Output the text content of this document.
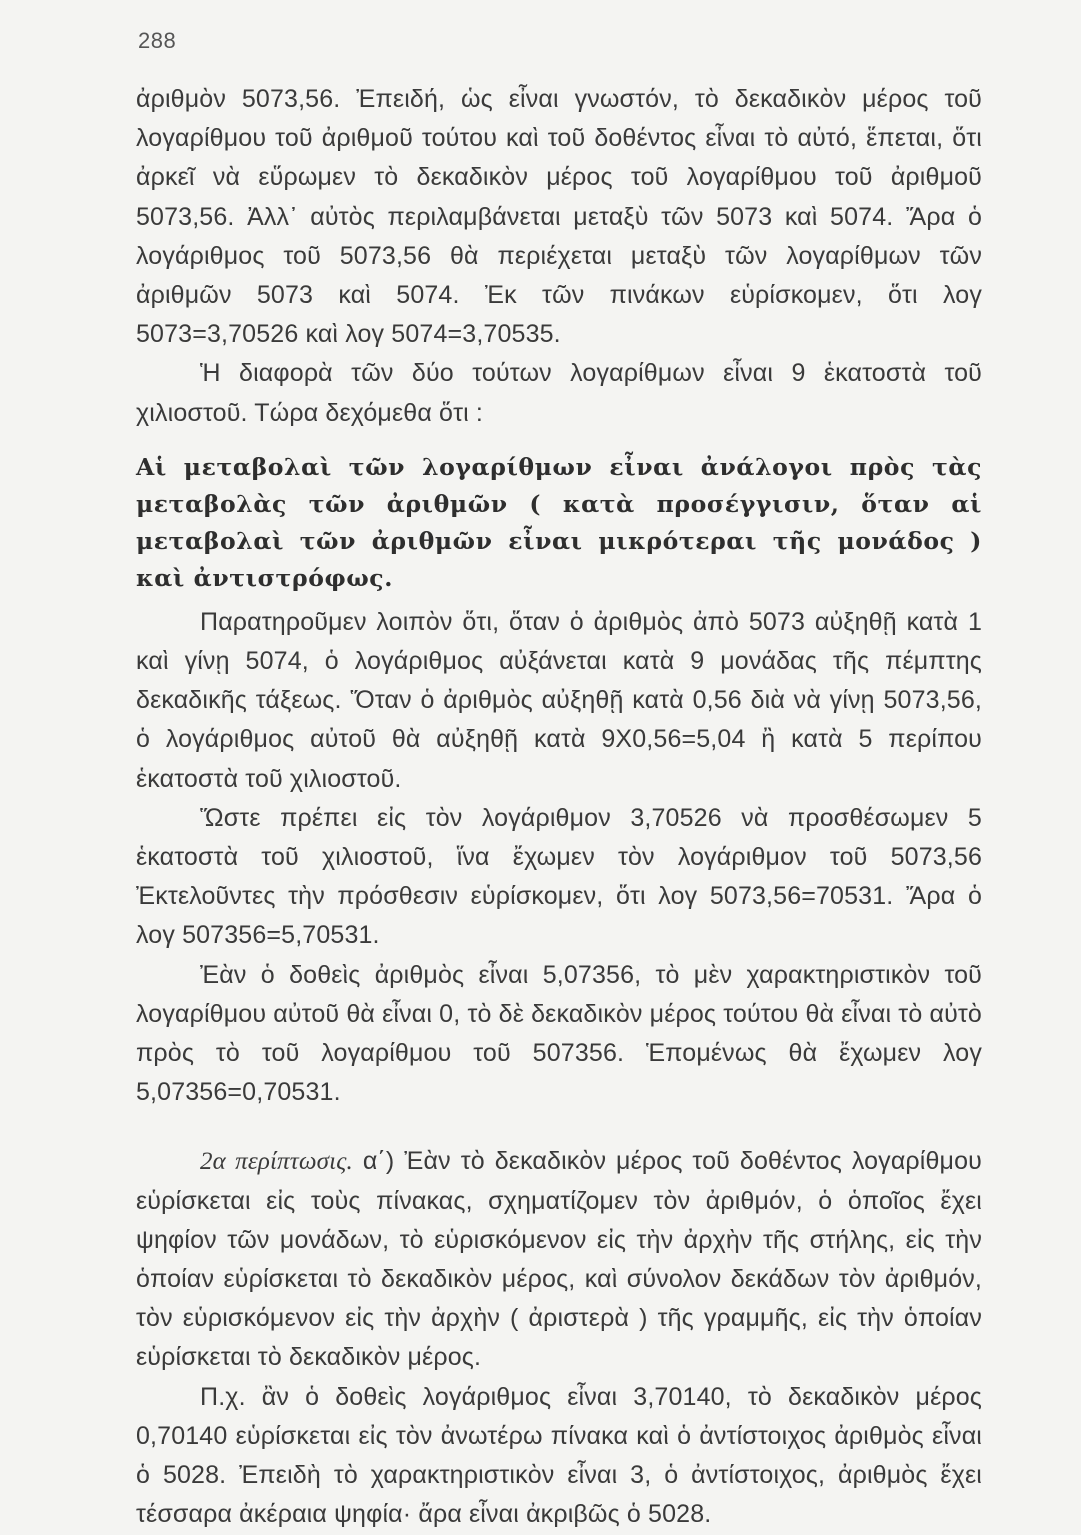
288

ἀριθμὸν 5073,56. Ἐπειδή, ὡς εἶναι γνωστόν, τὸ δεκαδικὸν μέρος τοῦ λογαρίθμου τοῦ ἀριθμοῦ τούτου καὶ τοῦ δοθέντος εἶναι τὸ αὐτό, ἕπεται, ὅτι ἀρκεῖ νὰ εὕρωμεν τὸ δεκαδικὸν μέρος τοῦ λογαρίθμου τοῦ ἀριθμοῦ 5073,56. Ἀλλ᾽ αὐτὸς περιλαμβάνεται μεταξὺ τῶν 5073 καὶ 5074. Ἄρα ὁ λογάριθμος τοῦ 5073,56 θὰ περιέχεται μεταξὺ τῶν λογαρίθμων τῶν ἀριθμῶν 5073 καὶ 5074. Ἐκ τῶν πινάκων εὑρίσκομεν, ὅτι λογ 5073=3,70526 καὶ λογ 5074=3,70535.

Ἡ διαφορὰ τῶν δύο τούτων λογαρίθμων εἶναι 9 ἑκατοστὰ τοῦ χιλιοστοῦ. Τώρα δεχόμεθα ὅτι :

Αἱ μεταβολαὶ τῶν λογαρίθμων εἶναι ἀνάλογοι πρὸς τὰς μεταβολὰς τῶν ἀριθμῶν ( κατὰ προσέγγισιν, ὅταν αἱ μεταβολαὶ τῶν ἀριθμῶν εἶναι μικρότεραι τῆς μονάδος ) καὶ ἀντιστρόφως.

Παρατηροῦμεν λοιπὸν ὅτι, ὅταν ὁ ἀριθμὸς ἀπὸ 5073 αὐξηθῇ κατὰ 1 καὶ γίνῃ 5074, ὁ λογάριθμος αὐξάνεται κατὰ 9 μονάδας τῆς πέμπτης δεκαδικῆς τάξεως. Ὅταν ὁ ἀριθμὸς αὐξηθῇ κατὰ 0,56 διὰ νὰ γίνῃ 5073,56, ὁ λογάριθμος αὐτοῦ θὰ αὐξηθῇ κατὰ 9Χ0,56=5,04 ἢ κατὰ 5 περίπου ἑκατοστὰ τοῦ χιλιοστοῦ.

Ὥστε πρέπει εἰς τὸν λογάριθμον 3,70526 νὰ προσθέσωμεν 5 ἑκατοστὰ τοῦ χιλιοστοῦ, ἵνα ἔχωμεν τὸν λογάριθμον τοῦ 5073,56 Ἐκτελοῦντες τὴν πρόσθεσιν εὑρίσκομεν, ὅτι λογ 5073,56=70531. Ἄρα ὁ λογ 507356=5,70531.

Ἐὰν ὁ δοθεὶς ἀριθμὸς εἶναι 5,07356, τὸ μὲν χαρακτηριστικὸν τοῦ λογαρίθμου αὐτοῦ θὰ εἶναι 0, τὸ δὲ δεκαδικὸν μέρος τούτου θὰ εἶναι τὸ αὐτὸ πρὸς τὸ τοῦ λογαρίθμου τοῦ 507356. Ἑπομένως θὰ ἔχωμεν λογ 5,07356=0,70531.

2α περίπτωσις. α΄) Ἐὰν τὸ δεκαδικὸν μέρος τοῦ δοθέντος λογαρίθμου εὑρίσκεται εἰς τοὺς πίνακας, σχηματίζομεν τὸν ἀριθμόν, ὁ ὁποῖος ἔχει ψηφίον τῶν μονάδων, τὸ εὑρισκόμενον εἰς τὴν ἀρχὴν τῆς στήλης, εἰς τὴν ὁποίαν εὑρίσκεται τὸ δεκαδικὸν μέρος, καὶ σύνολον δεκάδων τὸν ἀριθμόν, τὸν εὑρισκόμενον εἰς τὴν ἀρχὴν ( ἀριστερὰ ) τῆς γραμμῆς, εἰς τὴν ὁποίαν εὑρίσκεται τὸ δεκαδικὸν μέρος.

Π.χ. ἂν ὁ δοθεὶς λογάριθμος εἶναι 3,70140, τὸ δεκαδικὸν μέρος 0,70140 εὑρίσκεται εἰς τὸν ἀνωτέρω πίνακα καὶ ὁ ἀντίστοιχος ἀριθμὸς εἶναι ὁ 5028. Ἐπειδὴ τὸ χαρακτηριστικὸν εἶναι 3, ὁ ἀντίστοιχος, ἀριθμὸς ἔχει τέσσαρα ἀκέραια ψηφία· ἄρα εἶναι ἀκριβῶς ὁ 5028.
